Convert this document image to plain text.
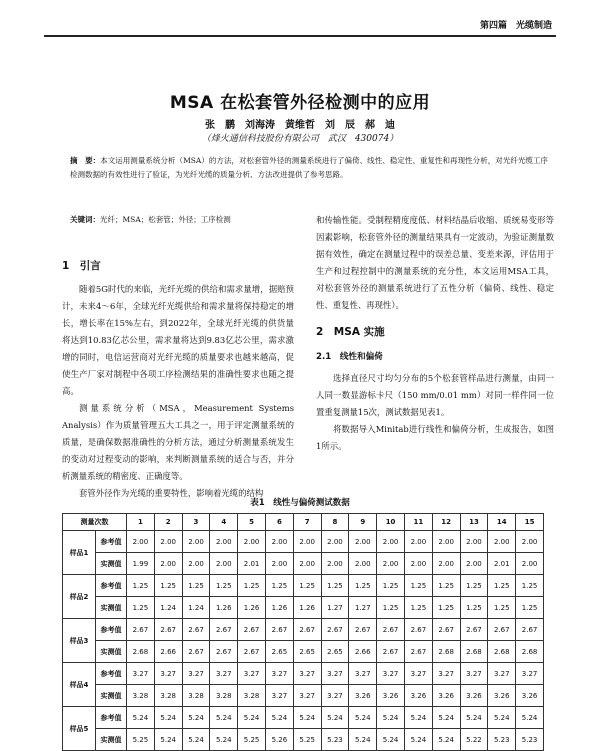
第四篇　光缆制造
MSA 在松套管外径检测中的应用
张　鹏　刘海涛　黄维哲　刘　辰　郝　迪
（烽火通信科技股份有限公司　武汉　430074）
摘　要：本文运用测量系统分析（MSA）的方法，对松套管外径的测量系统进行了偏倚、线性、稳定性、重复性和再现性分析，对光纤光缆工序检测数据的有效性进行了验证，为光纤光缆的质量分析、方法改进提供了参考思路。
关键词：光纤；MSA；松套管；外径；工序检测

1　引言

随着5G时代的来临，光纤光缆的供给和需求量增，据赔预计，未来4～6年，全球光纤光缆供给和需求量将保持稳定的增长，增长率在15%左右，到2022年，全球光纤光缆的供货量将达到10.83亿芯公里，需求量将达到9.83亿芯公里，需求激增的同时，电信运营商对光纤光缆的质量要求也越来越高，促使生产厂家对制程中各项工序检测结果的准确性要求也随之提高。

测量系统分析（MSA，Measurement Systems Analysis）作为质量管理五大工具之一，用于评定测量系统的质量，是确保数据准确性的分析方法，通过分析测量系统发生的变动对过程变动的影响，来判断测量系统的适合与否，并分析测量系统的精密度、正确度等。

套管外径作为光缆的重要特性，影响着光缆的结构

和传输性能。受制程精度度低、材料结晶后收缩、质统易变形等因素影响，松套管外径的测量结果具有一定波动，为验证测量数据有效性，确定在测量过程中的误差总量、变差来源，评估用于生产和过程控制中的测量系统的充分性，本文运用MSA工具，对松套管外径的测量系统进行了五性分析（偏倚、线性、稳定性、重复性、再现性）。

2　MSA 实施

2.1　线性和偏倚

选择直径尺寸均匀分布的5个松套管样品进行测量，由同一人同一数显游标卡尺（150 mm/0.01 mm）对同一样件同一位置重复测量15次，测试数据见表1。

将数据导入Minitab进行线性和偏倚分析，生成报告，如图1所示。

表1　线性与偏倚测试数据
测量次数		1	2	3	4	5	6	7	8	9	10	11	12	13	14	15
样品1	参考值	2.00	2.00	2.00	2.00	2.00	2.00	2.00	2.00	2.00	2.00	2.00	2.00	2.00	2.00	2.00
	实测值	1.99	2.00	2.00	2.00	2.01	2.00	2.00	2.00	2.00	2.00	2.00	2.00	2.00	2.01	2.00
样品2	参考值	1.25	1.25	1.25	1.25	1.25	1.25	1.25	1.25	1.25	1.25	1.25	1.25	1.25	1.25	1.25
	实测值	1.25	1.24	1.24	1.26	1.26	1.26	1.26	1.27	1.27	1.25	1.25	1.25	1.25	1.25	1.25
样品3	参考值	2.67	2.67	2.67	2.67	2.67	2.67	2.67	2.67	2.67	2.67	2.67	2.67	2.67	2.67	2.67
	实测值	2.68	2.66	2.67	2.67	2.67	2.65	2.65	2.65	2.66	2.67	2.67	2.68	2.68	2.68	2.68
样品4	参考值	3.27	3.27	3.27	3.27	3.27	3.27	3.27	3.27	3.27	3.27	3.27	3.27	3.27	3.27	3.27
	实测值	3.28	3.28	3.28	3.28	3.28	3.27	3.27	3.27	3.26	3.26	3.26	3.26	3.26	3.26	3.26
样品5	参考值	5.24	5.24	5.24	5.24	5.24	5.24	5.24	5.24	5.24	5.24	5.24	5.24	5.24	5.24	5.24
	实测值	5.25	5.24	5.24	5.24	5.25	5.26	5.25	5.23	5.24	5.24	5.24	5.24	5.22	5.23	5.23
